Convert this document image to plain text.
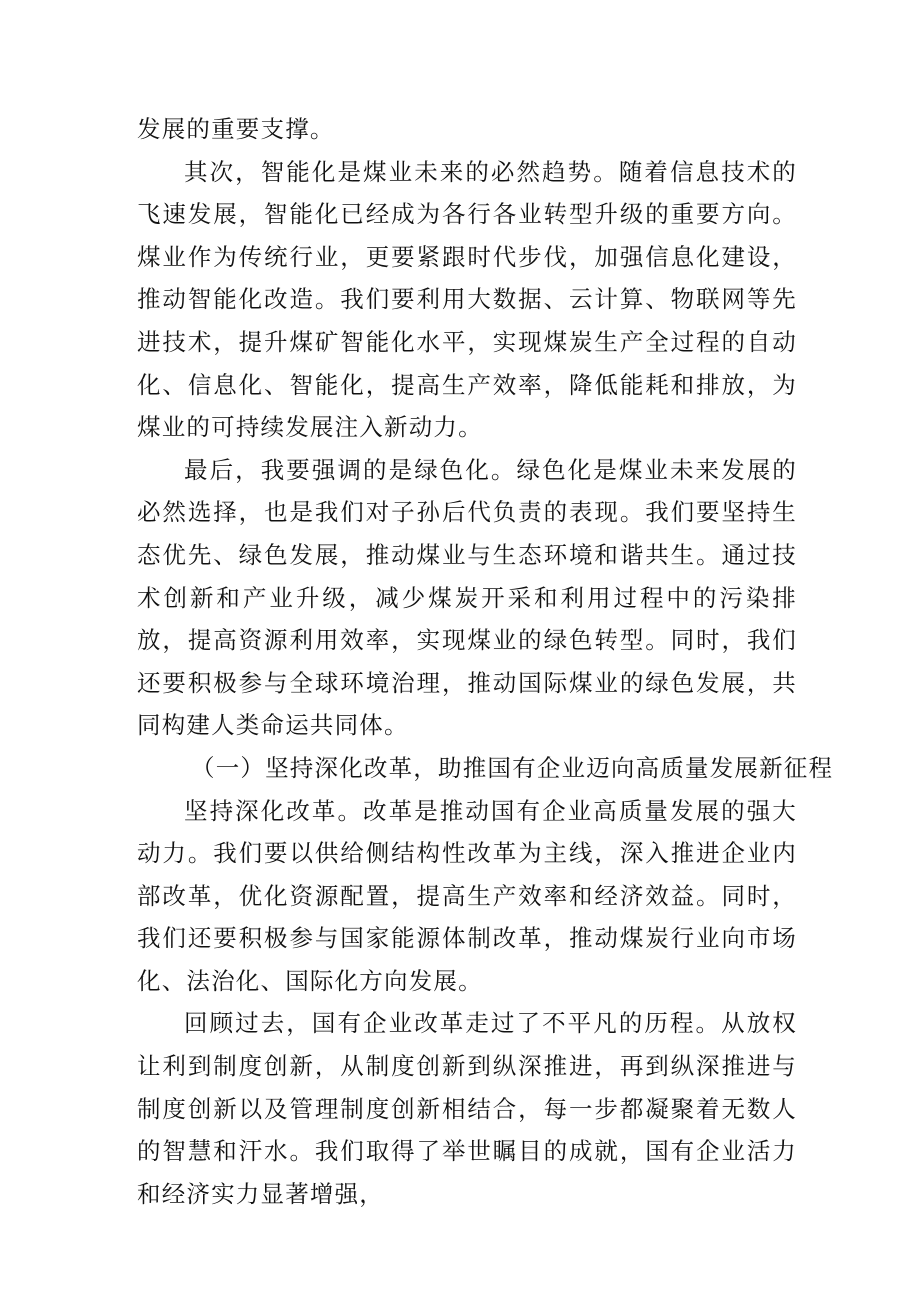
发展的重要支撑。

其次，智能化是煤业未来的必然趋势。随着信息技术的飞速发展，智能化已经成为各行各业转型升级的重要方向。煤业作为传统行业，更要紧跟时代步伐，加强信息化建设，推动智能化改造。我们要利用大数据、云计算、物联网等先进技术，提升煤矿智能化水平，实现煤炭生产全过程的自动化、信息化、智能化，提高生产效率，降低能耗和排放，为煤业的可持续发展注入新动力。

最后，我要强调的是绿色化。绿色化是煤业未来发展的必然选择，也是我们对子孙后代负责的表现。我们要坚持生态优先、绿色发展，推动煤业与生态环境和谐共生。通过技术创新和产业升级，减少煤炭开采和利用过程中的污染排放，提高资源利用效率，实现煤业的绿色转型。同时，我们还要积极参与全球环境治理，推动国际煤业的绿色发展，共同构建人类命运共同体。

（一）坚持深化改革，助推国有企业迈向高质量发展新征程

坚持深化改革。改革是推动国有企业高质量发展的强大动力。我们要以供给侧结构性改革为主线，深入推进企业内部改革，优化资源配置，提高生产效率和经济效益。同时，我们还要积极参与国家能源体制改革，推动煤炭行业向市场化、法治化、国际化方向发展。

回顾过去，国有企业改革走过了不平凡的历程。从放权让利到制度创新，从制度创新到纵深推进，再到纵深推进与制度创新以及管理制度创新相结合，每一步都凝聚着无数人的智慧和汗水。我们取得了举世瞩目的成就，国有企业活力和经济实力显著增强，
